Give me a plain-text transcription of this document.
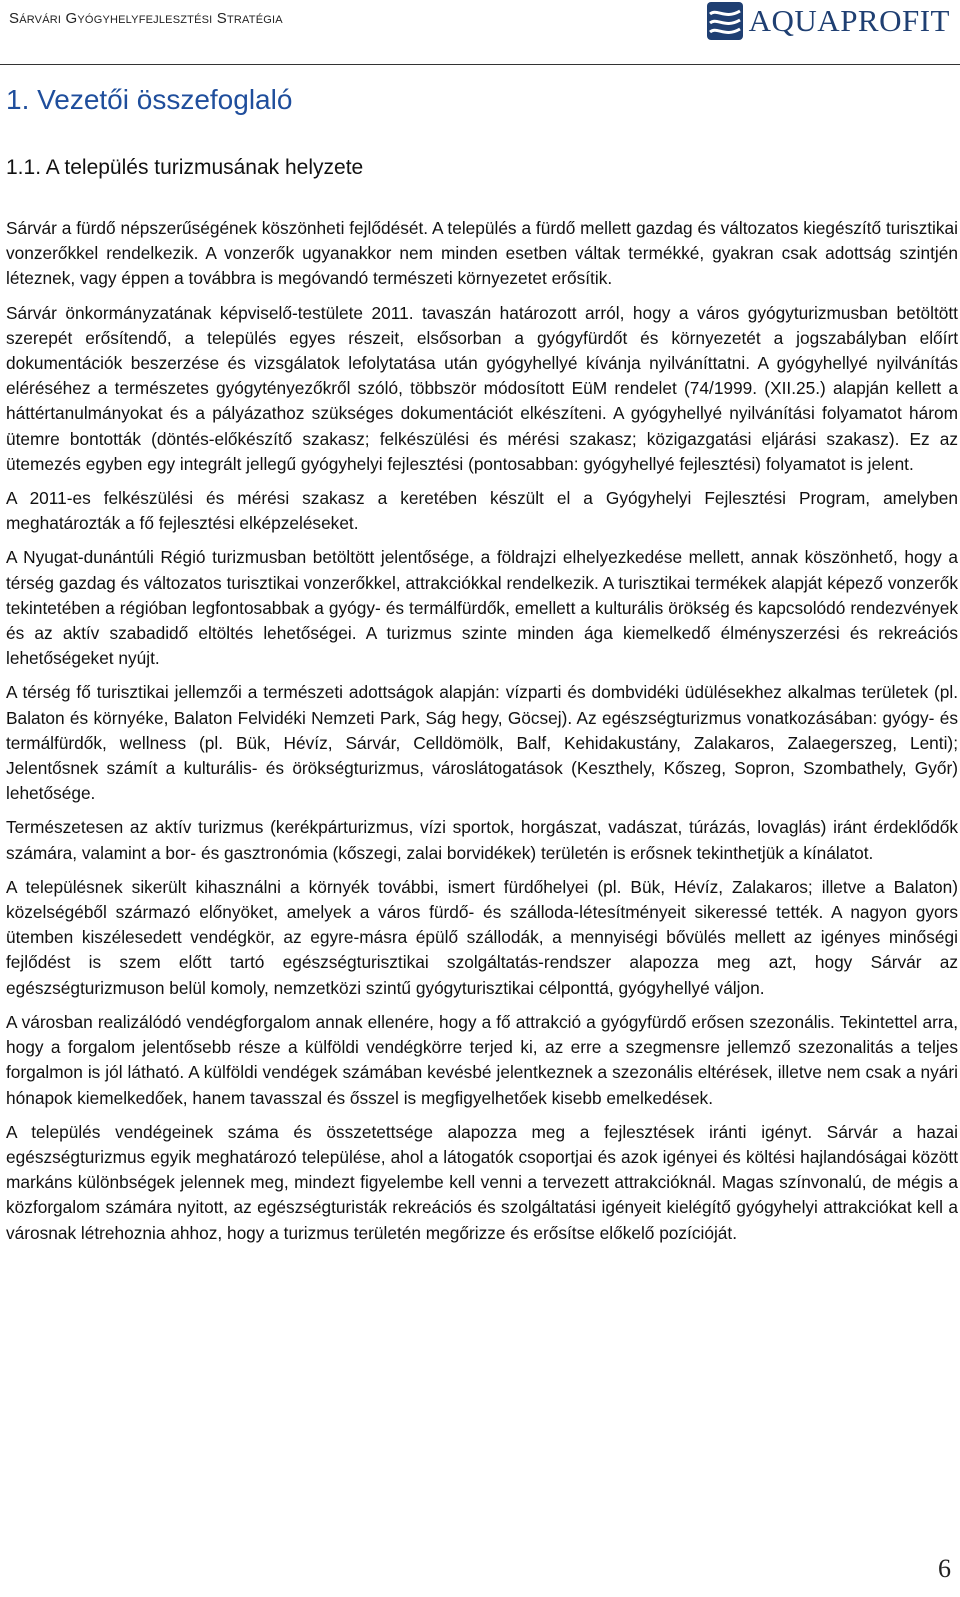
Sárvári Gyógyhelyfejlesztési Stratégia	AQUAPROFIT
1. Vezetői összefoglaló
1.1. A település turizmusának helyzete

Sárvár a fürdő népszerűségének köszönheti fejlődését. A település a fürdő mellett gazdag és változatos kiegészítő turisztikai vonzerőkkel rendelkezik. A vonzerők ugyanakkor nem minden esetben váltak termékké, gyakran csak adottság szintjén léteznek, vagy éppen a továbbra is megóvandó természeti környezetet erősítik.

Sárvár önkormányzatának képviselő-testülete 2011. tavaszán határozott arról, hogy a város gyógyturizmusban betöltött szerepét erősítendő, a település egyes részeit, elsősorban a gyógyfürdőt és környezetét a jogszabályban előírt dokumentációk beszerzése és vizsgálatok lefolytatása után gyógyhellyé kívánja nyilváníttatni. A gyógyhellyé nyilvánítás eléréséhez a természetes gyógytényezőkről szóló, többször módosított EüM rendelet (74/1999. (XII.25.) alapján kellett a háttértanulmányokat és a pályázathoz szükséges dokumentációt elkészíteni. A gyógyhellyé nyilvánítási folyamatot három ütemre bontották (döntés-előkészítő szakasz; felkészülési és mérési szakasz; közigazgatási eljárási szakasz). Ez az ütemezés egyben egy integrált jellegű gyógyhelyi fejlesztési (pontosabban: gyógyhellyé fejlesztési) folyamatot is jelent.

A 2011-es felkészülési és mérési szakasz a keretében készült el a Gyógyhelyi Fejlesztési Program, amelyben meghatározták a fő fejlesztési elképzeléseket.

A Nyugat-dunántúli Régió turizmusban betöltött jelentősége, a földrajzi elhelyezkedése mellett, annak köszönhető, hogy a térség gazdag és változatos turisztikai vonzerőkkel, attrakciókkal rendelkezik. A turisztikai termékek alapját képező vonzerők tekintetében a régióban legfontosabbak a gyógy- és termálfürdők, emellett a kulturális örökség és kapcsolódó rendezvények és az aktív szabadidő eltöltés lehetőségei. A turizmus szinte minden ága kiemelkedő élményszerzési és rekreációs lehetőségeket nyújt.

A térség fő turisztikai jellemzői a természeti adottságok alapján: vízparti és dombvidéki üdülésekhez alkalmas területek (pl. Balaton és környéke, Balaton Felvidéki Nemzeti Park, Ság hegy, Göcsej). Az egészségturizmus vonatkozásában: gyógy- és termálfürdők, wellness (pl. Bük, Hévíz, Sárvár, Celldömölk, Balf, Kehidakustány, Zalakaros, Zalaegerszeg, Lenti); Jelentősnek számít a kulturális- és örökségturizmus, városlátogatások (Keszthely, Kőszeg, Sopron, Szombathely, Győr) lehetősége.

Természetesen az aktív turizmus (kerékpárturizmus, vízi sportok, horgászat, vadászat, túrázás, lovaglás) iránt érdeklődők számára, valamint a bor- és gasztronómia (kőszegi, zalai borvidékek) területén is erősnek tekinthetjük a kínálatot.

A településnek sikerült kihasználni a környék további, ismert fürdőhelyei (pl. Bük, Hévíz, Zalakaros; illetve a Balaton) közelségéből származó előnyöket, amelyek a város fürdő- és szálloda-létesítményeit sikeressé tették. A nagyon gyors ütemben kiszélesedett vendégkör, az egyre-másra épülő szállodák, a mennyiségi bővülés mellett az igényes minőségi fejlődést is szem előtt tartó egészségturisztikai szolgáltatás-rendszer alapozza meg azt, hogy Sárvár az egészségturizmuson belül komoly, nemzetközi szintű gyógyturisztikai célponttá, gyógyhellyé váljon.

A városban realizálódó vendégforgalom annak ellenére, hogy a fő attrakció a gyógyfürdő erősen szezonális. Tekintettel arra, hogy a forgalom jelentősebb része a külföldi vendégkörre terjed ki, az erre a szegmensre jellemző szezonalitás a teljes forgalmon is jól látható. A külföldi vendégek számában kevésbé jelentkeznek a szezonális eltérések, illetve nem csak a nyári hónapok kiemelkedőek, hanem tavasszal és ősszel is megfigyelhetőek kisebb emelkedések.

A település vendégeinek száma és összetettsége alapozza meg a fejlesztések iránti igényt. Sárvár a hazai egészségturizmus egyik meghatározó települése, ahol a látogatók csoportjai és azok igényei és költési hajlandóságai között markáns különbségek jelennek meg, mindezt figyelembe kell venni a tervezett attrakcióknál. Magas színvonalú, de mégis a közforgalom számára nyitott, az egészségturisták rekreációs és szolgáltatási igényeit kielégítő gyógyhelyi attrakciókat kell a városnak létrehoznia ahhoz, hogy a turizmus területén megőrizze és erősítse előkelő pozícióját.

6
